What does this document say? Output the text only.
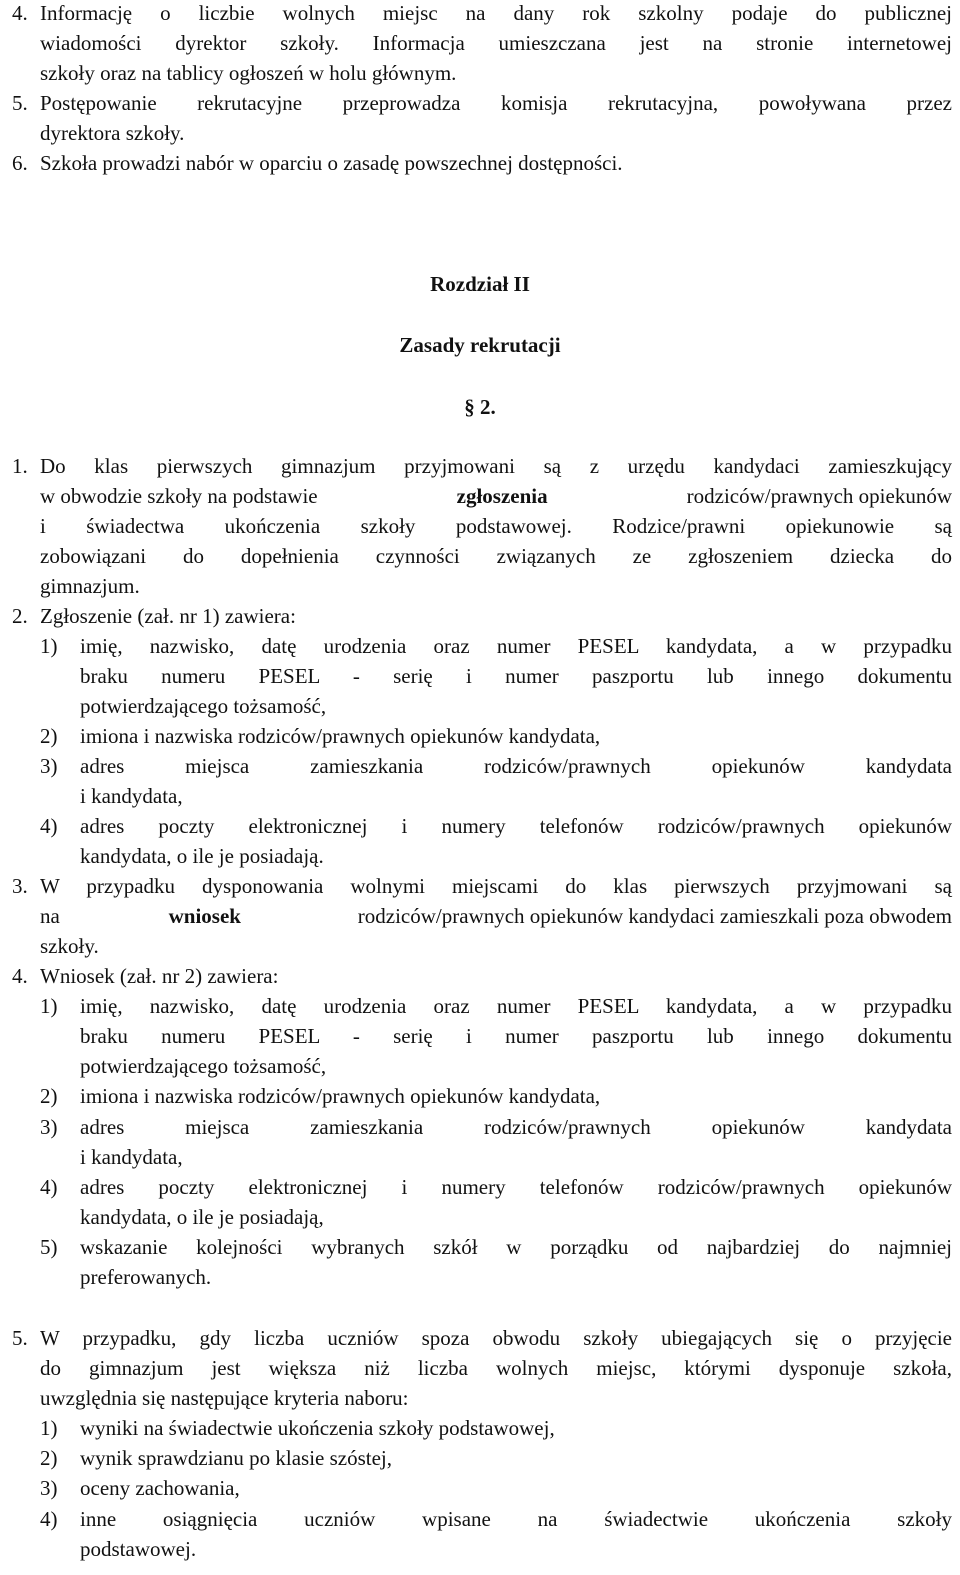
4. Informację o liczbie wolnych miejsc na dany rok szkolny podaje do publicznej
wiadomości dyrektor szkoły. Informacja umieszczana jest na stronie internetowej
szkoły oraz na tablicy ogłoszeń w holu głównym.
5. Postępowanie rekrutacyjne przeprowadza komisja rekrutacyjna, powoływana przez
dyrektora szkoły.
6. Szkoła prowadzi nabór w oparciu o zasadę powszechnej dostępności.
Rozdział II
Zasady rekrutacji
§ 2.
1. Do klas pierwszych gimnazjum przyjmowani są z urzędu kandydaci zamieszkujący
w obwodzie szkoły na podstawie	zgłoszenia	rodziców/prawnych opiekunów
i świadectwa ukończenia szkoły podstawowej. Rodzice/prawni opiekunowie są
zobowiązani do dopełnienia czynności związanych ze zgłoszeniem dziecka do
gimnazjum.
2. Zgłoszenie (zał. nr 1) zawiera:
1) imię, nazwisko, datę urodzenia oraz numer PESEL kandydata, a w przypadku
braku numeru PESEL - serię i numer paszportu lub innego dokumentu
potwierdzającego tożsamość,
2) imiona i nazwiska rodziców/prawnych opiekunów kandydata,
3) adres miejsca zamieszkania rodziców/prawnych opiekunów kandydata
i kandydata,
4) adres poczty elektronicznej i numery telefonów rodziców/prawnych opiekunów
kandydata, o ile je posiadają.
3. W przypadku dysponowania wolnymi miejscami do klas pierwszych przyjmowani są
na	wniosek	rodziców/prawnych opiekunów kandydaci zamieszkali poza obwodem
szkoły.
4. Wniosek (zał. nr 2) zawiera:
1) imię, nazwisko, datę urodzenia oraz numer PESEL kandydata, a w przypadku
braku numeru PESEL - serię i numer paszportu lub innego dokumentu
potwierdzającego tożsamość,
2) imiona i nazwiska rodziców/prawnych opiekunów kandydata,
3) adres miejsca zamieszkania rodziców/prawnych opiekunów kandydata
i kandydata,
4) adres poczty elektronicznej i numery telefonów rodziców/prawnych opiekunów
kandydata, o ile je posiadają,
5) wskazanie kolejności wybranych szkół w porządku od najbardziej do najmniej
preferowanych.
5. W przypadku, gdy liczba uczniów spoza obwodu szkoły ubiegających się o przyjęcie
do gimnazjum jest większa niż liczba wolnych miejsc, którymi dysponuje szkoła,
uwzględnia się następujące kryteria naboru:
1) wyniki na świadectwie ukończenia szkoły podstawowej,
2) wynik sprawdzianu po klasie szóstej,
3) oceny zachowania,
4) inne osiągnięcia uczniów wpisane na świadectwie ukończenia szkoły
podstawowej.
